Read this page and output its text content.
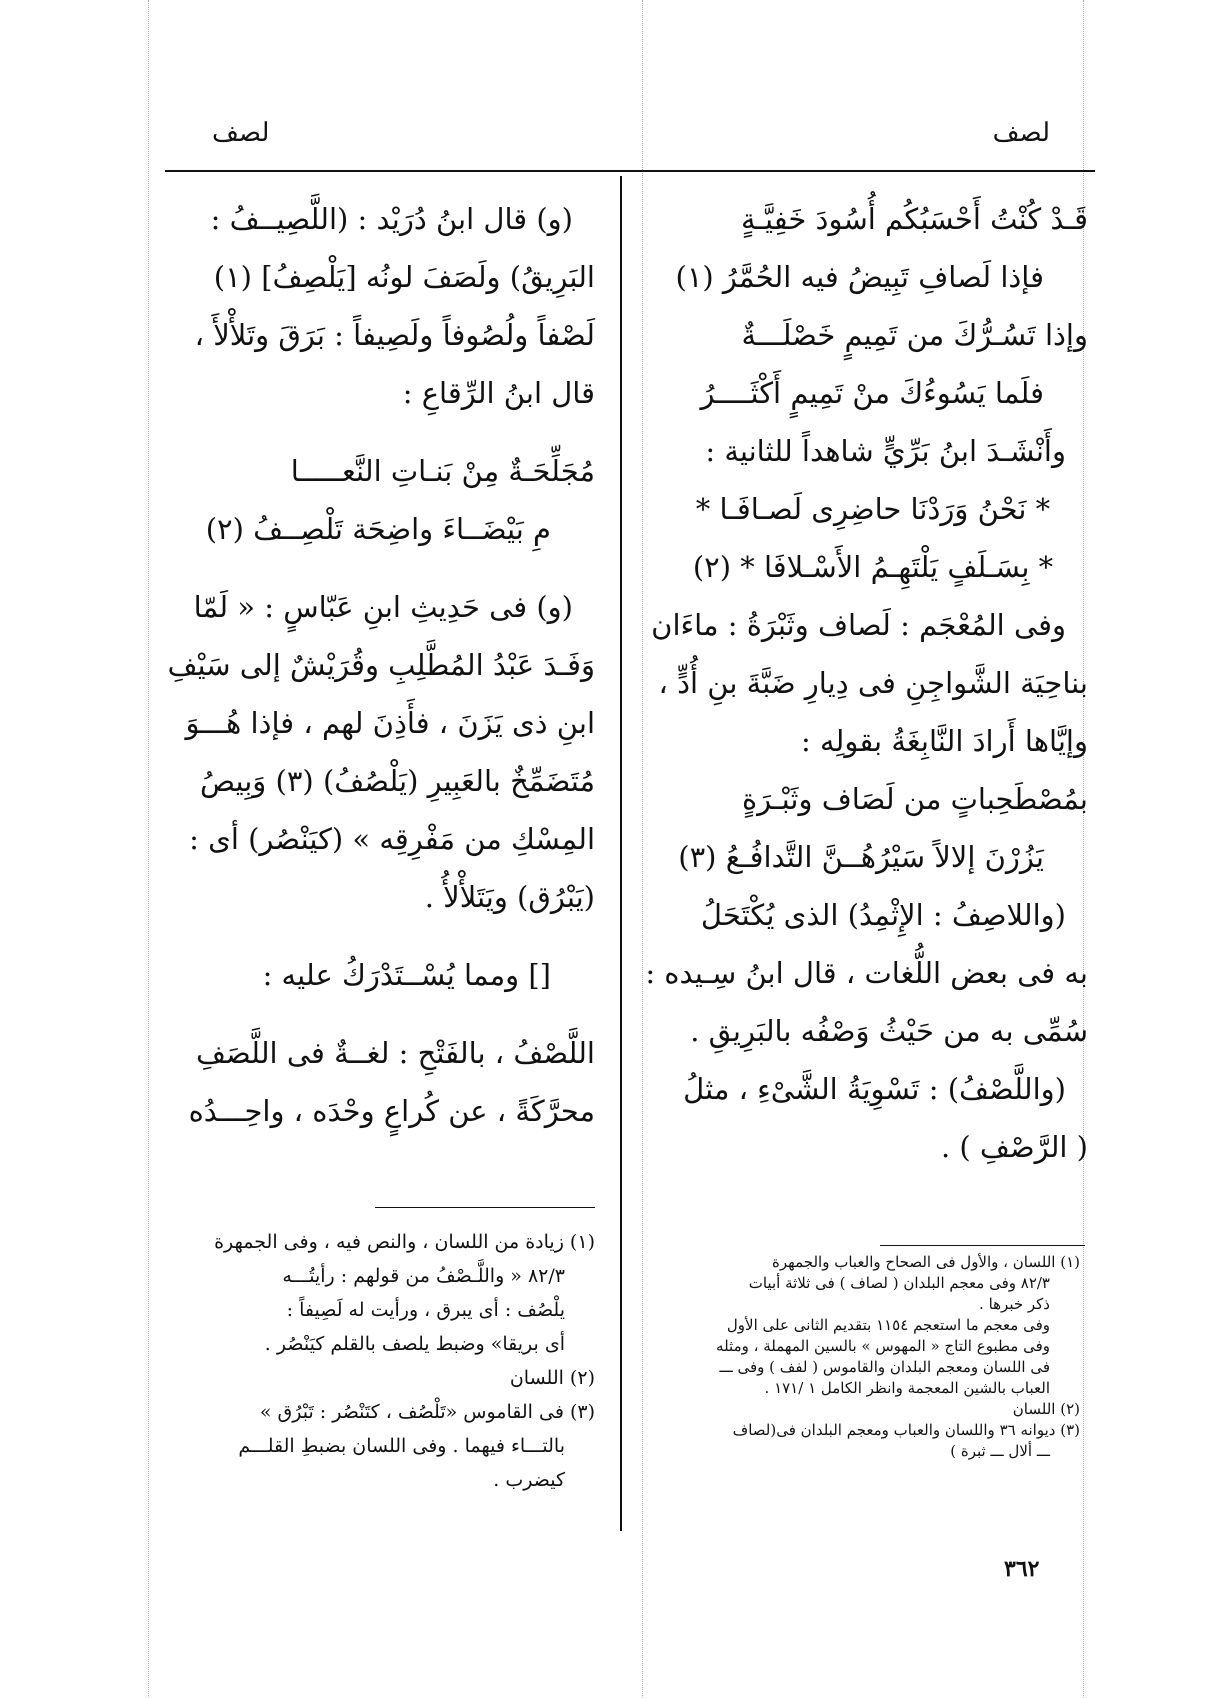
لصف
لصف
قَـدْ كُنْتُ أَحْسَبُكُم أُسُودَ خَفِيَّـةٍ
فإذا لَصافِ تَبِيضُ فيه الحُمَّرُ (١)
وإذا تَسُـرُّكَ من تَمِيمٍ خَصْلَـــةٌ
فلَما يَسُوءُكَ منْ تَمِيمٍ أَكْثَــــرُ
وأَنْشَـدَ ابنُ بَرِّيٍّ شاهداً للثانية :
* نَحْنُ وَرَدْنَا حاضِرِى لَصـافَـا *
* بِسَـلَفٍ يَلْتَهِـمُ الأَسْـلافَا * (٢)
وفى المُعْجَم : لَصاف وثَبْرَةُ : ماءَان
بناحِيَة الشَّواجِنِ فى دِيارِ ضَبَّةَ بنِ أُدٍّ ،
وإيَّاها أَرادَ النَّابِغَةُ بقولِه :
بمُصْطَحِباتٍ من لَصَاف وثَبْـرَةٍ
يَزُرْنَ إلالاً سَيْرُهُــنَّ التَّدافُـعُ (٣)
(واللاصِفُ : الإِثْمِدُ) الذى يُكْتَحَلُ
به فى بعض اللُّغات ، قال ابنُ سِـيده :
سُمِّى به من حَيْثُ وَصْفُه بالبَرِيقِ .
(واللَّصْفُ) : تَسْوِيَةُ الشَّىْءِ ، مثلُ
( الرَّصْفِ ) .
(و) قال ابنُ دُرَيْد : (اللَّصِيــفُ :
البَرِيقُ) ولَصَفَ لونُه [يَلْصِفُ] (١)
لَصْفاً ولُصُوفاً ولَصِيفاً : بَرَقَ وتَلأْلأَ ،
قال ابنُ الرِّقاعِ :
مُجَلِّحَـةٌ مِنْ بَنـاتِ النَّعـــــا
مِ بَيْضَــاءَ واضِحَة تَلْصِــفُ (٢)
(و) فى حَدِيثِ ابنِ عَبّاسٍ : « لَمّا
وَفَـدَ عَبْدُ المُطَّلِبِ وقُرَيْشٌ إلى سَيْفِ
ابنِ ذى يَزَنَ ، فأَذِنَ لهم ، فإذا هُـــوَ
مُتَضَمِّخٌ بالعَبِيرِ (يَلْصُفُ) (٣) وَبِيصُ
المِسْكِ من مَفْرِقِه » (كيَنْصُر) أى :
(يَبْرُق) ويَتَلأْلأُ .
[] ومما يُسْــتَدْرَكُ عليه :
اللَّصْفُ ، بالفَتْحِ : لغــةٌ فى اللَّصَفِ
محرَّكَةً ، عن كُراعٍ وحْدَه ، واحِـــدُه

(١) اللسان ، والأول فى الصحاح والعباب والجمهرة

٨٢/٣ وفى معجم البلدان ( لصاف ) فى ثلاثة أبيات

ذكر خبرها .

وفى معجم ما استعجم ١١٥٤ بتقديم الثانى على الأول

وفى مطبوع التاج « المهوس » بالسين المهملة ، ومثله

فى اللسان ومعجم البلدان والقاموس ( لفف ) وفى ـــ

العباب بالشين المعجمة وانظر الكامل ١ /١٧١ .

(٢) اللسان

(٣) ديوانه ٣٦ واللسان والعباب ومعجم البلدان فى(لصاف

ـــ ألال ـــ ثبرة )

(١) زيادة من اللسان ، والنص فيه ، وفى الجمهرة

٨٢/٣ « واللَّـصْفُ من قولهم : رأيتُـــه

يلْصُف : أى يبرق ، ورأيت له لَصِيفاً :

أى بريقا» وضبط يلصف بالقلم كيَنْصُر .

(٢) اللسان

(٣) فى القاموس «تَلْصُف ، كتَنْصُر : تَبْرُق »

بالتـــاء فيهما . وفى اللسان بضبطِ القلـــم

كيضرب .

٣٦٢
